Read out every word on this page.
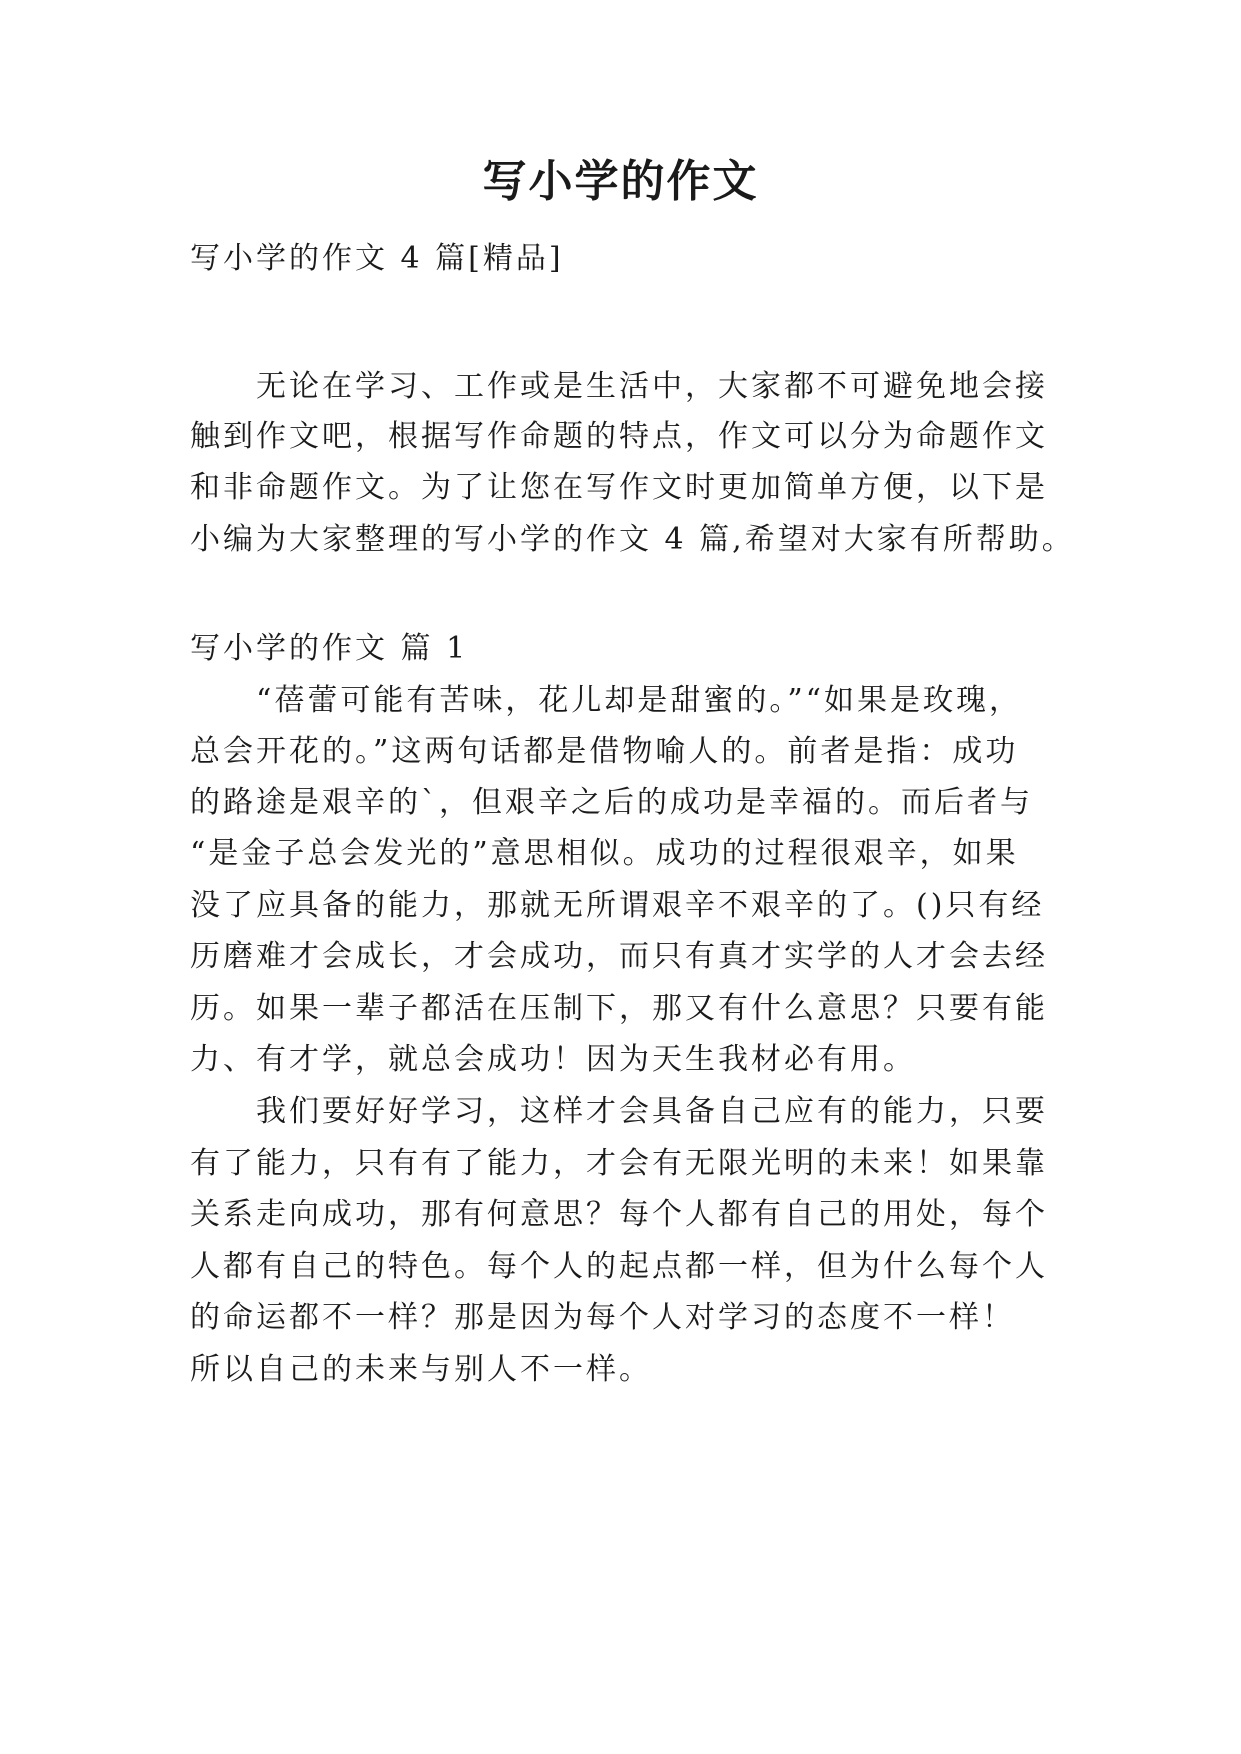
写小学的作文

写小学的作文 4 篇[精品]

　　无论在学习、工作或是生活中，大家都不可避免地会接

触到作文吧，根据写作命题的特点，作文可以分为命题作文

和非命题作文。为了让您在写作文时更加简单方便，以下是

小编为大家整理的写小学的作文 4 篇,希望对大家有所帮助。

写小学的作文 篇 1

　　“蓓蕾可能有苦味，花儿却是甜蜜的。”“如果是玫瑰，

总会开花的。”这两句话都是借物喻人的。前者是指：成功

的路途是艰辛的`，但艰辛之后的成功是幸福的。而后者与

“是金子总会发光的”意思相似。成功的过程很艰辛，如果

没了应具备的能力，那就无所谓艰辛不艰辛的了。()只有经

历磨难才会成长，才会成功，而只有真才实学的人才会去经

历。如果一辈子都活在压制下，那又有什么意思？只要有能

力、有才学，就总会成功！因为天生我材必有用。

　　我们要好好学习，这样才会具备自己应有的能力，只要

有了能力，只有有了能力，才会有无限光明的未来！如果靠

关系走向成功，那有何意思？每个人都有自己的用处，每个

人都有自己的特色。每个人的起点都一样，但为什么每个人

的命运都不一样？那是因为每个人对学习的态度不一样！

所以自己的未来与别人不一样。
